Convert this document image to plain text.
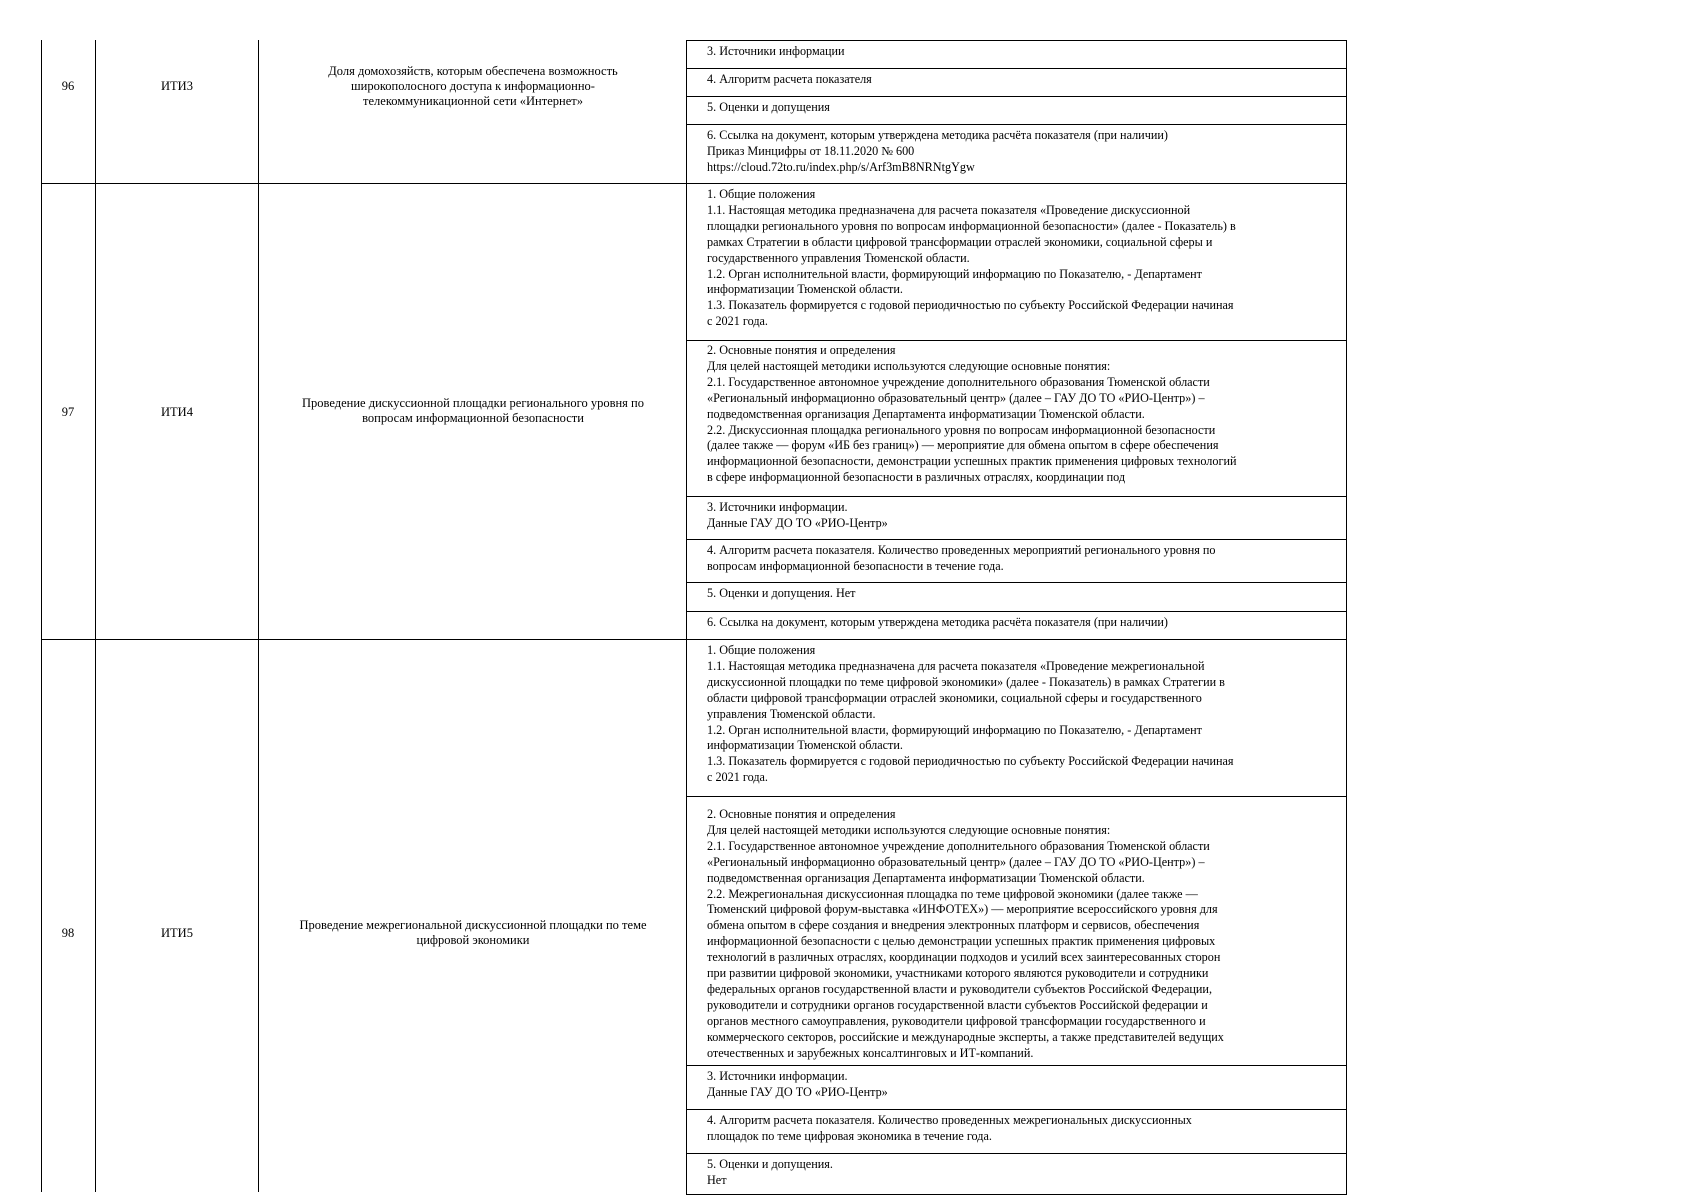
96	ИТИ3
Доля домохозяйств, которым обеспечена возможность
широкополосного доступа к информационно-
телекоммуникационной сети «Интернет»
3. Источники информации
4. Алгоритм расчета показателя
5. Оценки и допущения
6. Ссылка на документ, которым утверждена методика расчёта показателя (при наличии)
Приказ Минцифры от 18.11.2020 № 600
https://cloud.72to.ru/index.php/s/Arf3mB8NRNtgYgw
97	ИТИ4
Проведение дискуссионной площадки регионального уровня по
вопросам информационной безопасности
1. Общие положения
1.1. Настоящая методика предназначена для расчета показателя «Проведение дискуссионной
площадки регионального уровня по вопросам информационной безопасности» (далее - Показатель) в
рамках Стратегии в области цифровой трансформации отраслей экономики, социальной сферы и
государственного управления Тюменской области.
1.2. Орган исполнительной власти, формирующий информацию по Показателю, - Департамент
информатизации Тюменской области.
1.3. Показатель формируется с годовой периодичностью по субъекту Российской Федерации начиная
с 2021 года.
2. Основные понятия и определения
Для целей настоящей методики используются следующие основные понятия:
2.1. Государственное автономное учреждение дополнительного образования Тюменской области
«Региональный информационно образовательный центр» (далее – ГАУ ДО ТО «РИО-Центр») –
подведомственная организация Департамента информатизации Тюменской области.
2.2. Дискуссионная площадка регионального уровня по вопросам информационной безопасности
(далее также — форум «ИБ без границ») — мероприятие для обмена опытом в сфере обеспечения
информационной безопасности, демонстрации успешных практик применения цифровых технологий
в сфере информационной безопасности в различных отраслях, координации под
3. Источники информации.
Данные ГАУ ДО ТО «РИО-Центр»
4. Алгоритм расчета показателя. Количество проведенных мероприятий регионального уровня по
вопросам информационной безопасности в течение года.
5. Оценки и допущения. Нет
6. Ссылка на документ, которым утверждена методика расчёта показателя (при наличии)
98	ИТИ5
Проведение межрегиональной дискуссионной площадки по теме
цифровой экономики
1. Общие положения
1.1. Настоящая методика предназначена для расчета показателя «Проведение межрегиональной
дискуссионной площадки по теме цифровой экономики» (далее - Показатель) в рамках Стратегии в
области цифровой трансформации отраслей экономики, социальной сферы и государственного
управления Тюменской области.
1.2. Орган исполнительной власти, формирующий информацию по Показателю, - Департамент
информатизации Тюменской области.
1.3. Показатель формируется с годовой периодичностью по субъекту Российской Федерации начиная
с 2021 года.
2. Основные понятия и определения
Для целей настоящей методики используются следующие основные понятия:
2.1. Государственное автономное учреждение дополнительного образования Тюменской области
«Региональный информационно образовательный центр» (далее – ГАУ ДО ТО «РИО-Центр») –
подведомственная организация Департамента информатизации Тюменской области.
2.2. Межрегиональная дискуссионная площадка по теме цифровой экономики (далее также —
Тюменский цифровой форум-выставка «ИНФОТЕХ») — мероприятие всероссийского уровня для
обмена опытом в сфере создания и внедрения электронных платформ и сервисов, обеспечения
информационной безопасности с целью демонстрации успешных практик применения цифровых
технологий в различных отраслях, координации подходов и усилий всех заинтересованных сторон
при развитии цифровой экономики, участниками которого являются руководители и сотрудники
федеральных органов государственной власти и руководители субъектов Российской Федерации,
руководители и сотрудники органов государственной власти субъектов Российской федерации и
органов местного самоуправления, руководители цифровой трансформации государственного и
коммерческого секторов, российские и международные эксперты, а также представителей ведущих
отечественных и зарубежных консалтинговых и ИТ-компаний.
3. Источники информации.
Данные ГАУ ДО ТО «РИО-Центр»
4. Алгоритм расчета показателя. Количество проведенных межрегиональных дискуссионных
площадок по теме цифровая экономика в течение года.
5. Оценки и допущения.
Нет
